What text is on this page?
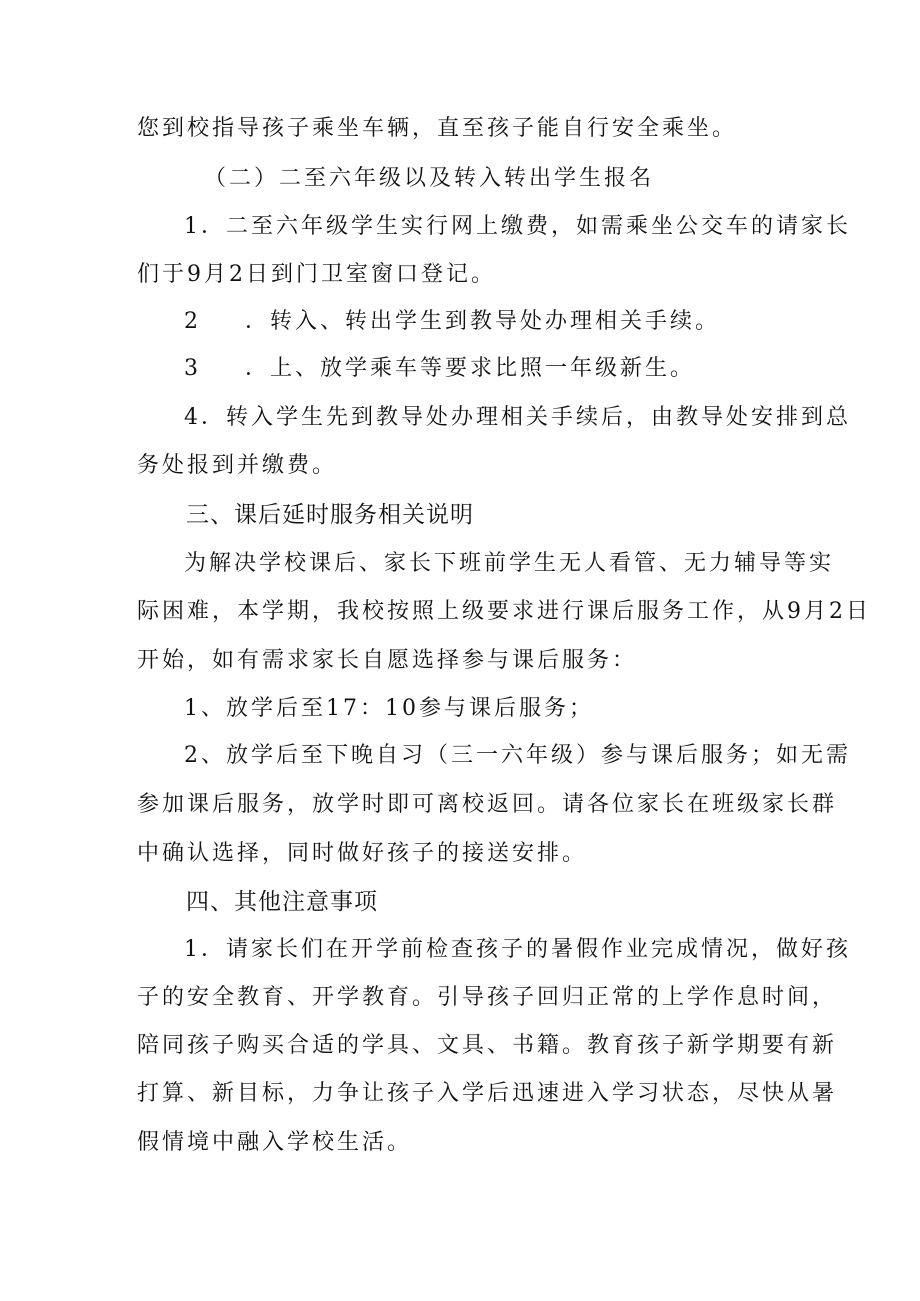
您到校指导孩子乘坐车辆，直至孩子能自行安全乘坐。
（二）二至六年级以及转入转出学生报名
1．二至六年级学生实行网上缴费，如需乘坐公交车的请家长
们于9月2日到门卫室窗口登记。
2 ．转入、转出学生到教导处办理相关手续。
3 ．上、放学乘车等要求比照一年级新生。
4．转入学生先到教导处办理相关手续后，由教导处安排到总
务处报到并缴费。
三、课后延时服务相关说明
为解决学校课后、家长下班前学生无人看管、无力辅导等实
际困难，本学期，我校按照上级要求进行课后服务工作，从9月2日
开始，如有需求家长自愿选择参与课后服务：
1、放学后至17：10参与课后服务；
2、放学后至下晚自习（三一六年级）参与课后服务；如无需
参加课后服务，放学时即可离校返回。请各位家长在班级家长群
中确认选择，同时做好孩子的接送安排。
四、其他注意事项
1．请家长们在开学前检查孩子的暑假作业完成情况，做好孩
子的安全教育、开学教育。引导孩子回归正常的上学作息时间，
陪同孩子购买合适的学具、文具、书籍。教育孩子新学期要有新
打算、新目标，力争让孩子入学后迅速进入学习状态，尽快从暑
假情境中融入学校生活。
